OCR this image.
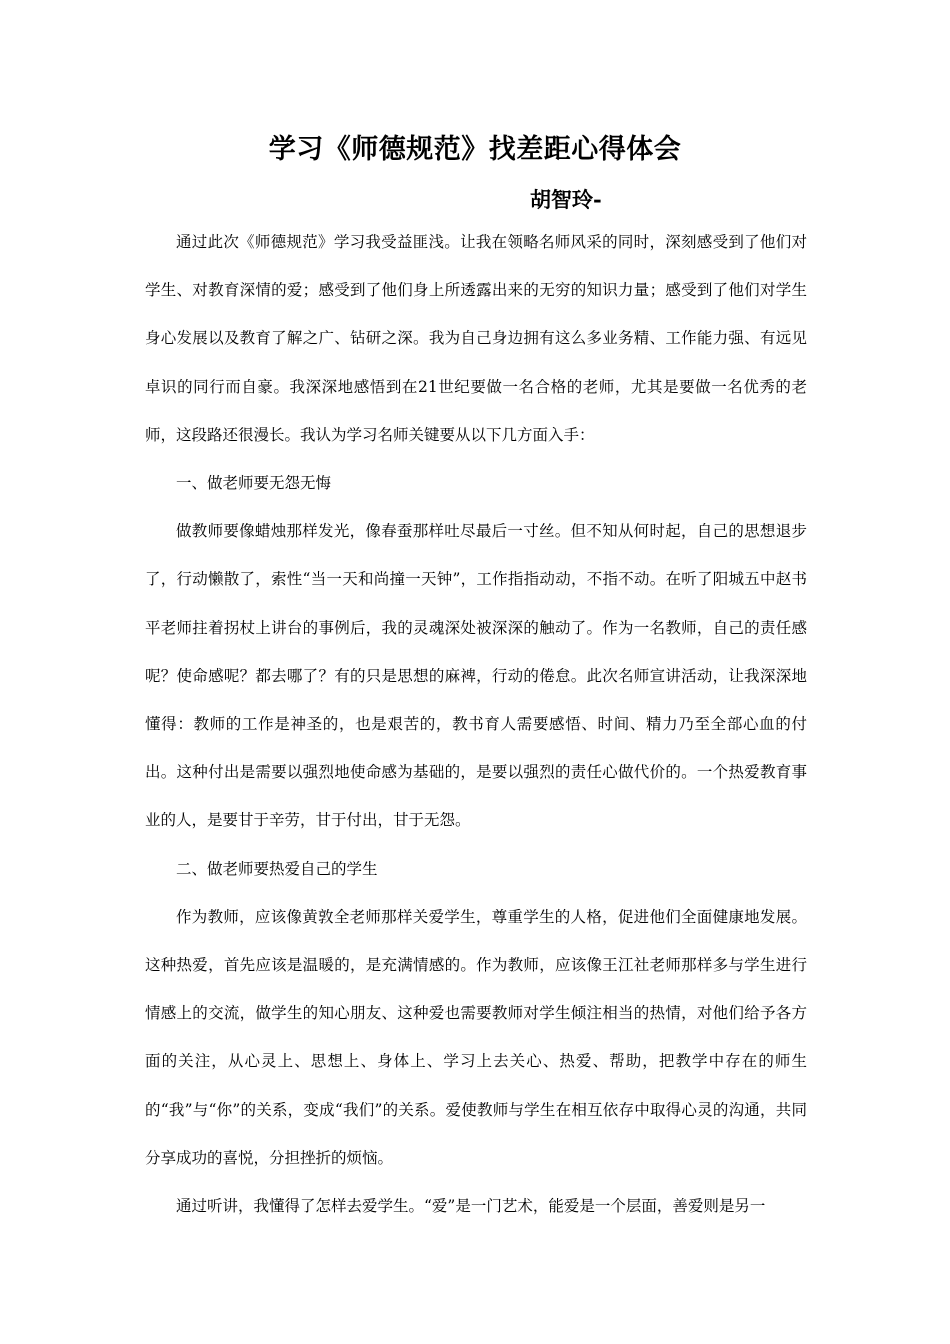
学习《师德规范》找差距心得体会
胡智玲-

通过此次《师德规范》学习我受益匪浅。让我在领略名师风采的同时，深刻感受到了他们对学生、对教育深情的爱；感受到了他们身上所透露出来的无穷的知识力量；感受到了他们对学生身心发展以及教育了解之广、钻研之深。我为自己身边拥有这么多业务精、工作能力强、有远见卓识的同行而自豪。我深深地感悟到在21世纪要做一名合格的老师，尤其是要做一名优秀的老师，这段路还很漫长。我认为学习名师关键要从以下几方面入手：

一、做老师要无怨无悔

做教师要像蜡烛那样发光，像春蚕那样吐尽最后一寸丝。但不知从何时起，自己的思想退步了，行动懒散了，索性“当一天和尚撞一天钟”，工作指指动动，不指不动。在听了阳城五中赵书平老师拄着拐杖上讲台的事例后，我的灵魂深处被深深的触动了。作为一名教师，自己的责任感呢？使命感呢？都去哪了？有的只是思想的麻裨，行动的倦怠。此次名师宣讲活动，让我深深地懂得：教师的工作是神圣的，也是艰苦的，教书育人需要感悟、时间、精力乃至全部心血的付出。这种付出是需要以强烈地使命感为基础的，是要以强烈的责任心做代价的。一个热爱教育事业的人，是要甘于辛劳，甘于付出，甘于无怨。

二、做老师要热爱自己的学生

作为教师，应该像黄敦全老师那样关爱学生，尊重学生的人格，促进他们全面健康地发展。这种热爱，首先应该是温暖的，是充满情感的。作为教师，应该像王江社老师那样多与学生进行情感上的交流，做学生的知心朋友、这种爱也需要教师对学生倾注相当的热情，对他们给予各方面的关注，从心灵上、思想上、身体上、学习上去关心、热爱、帮助，把教学中存在的师生的“我”与“你”的关系，变成“我们”的关系。爱使教师与学生在相互依存中取得心灵的沟通，共同分享成功的喜悦，分担挫折的烦恼。

通过听讲，我懂得了怎样去爱学生。“爱”是一门艺术，能爱是一个层面，善爱则是另一
